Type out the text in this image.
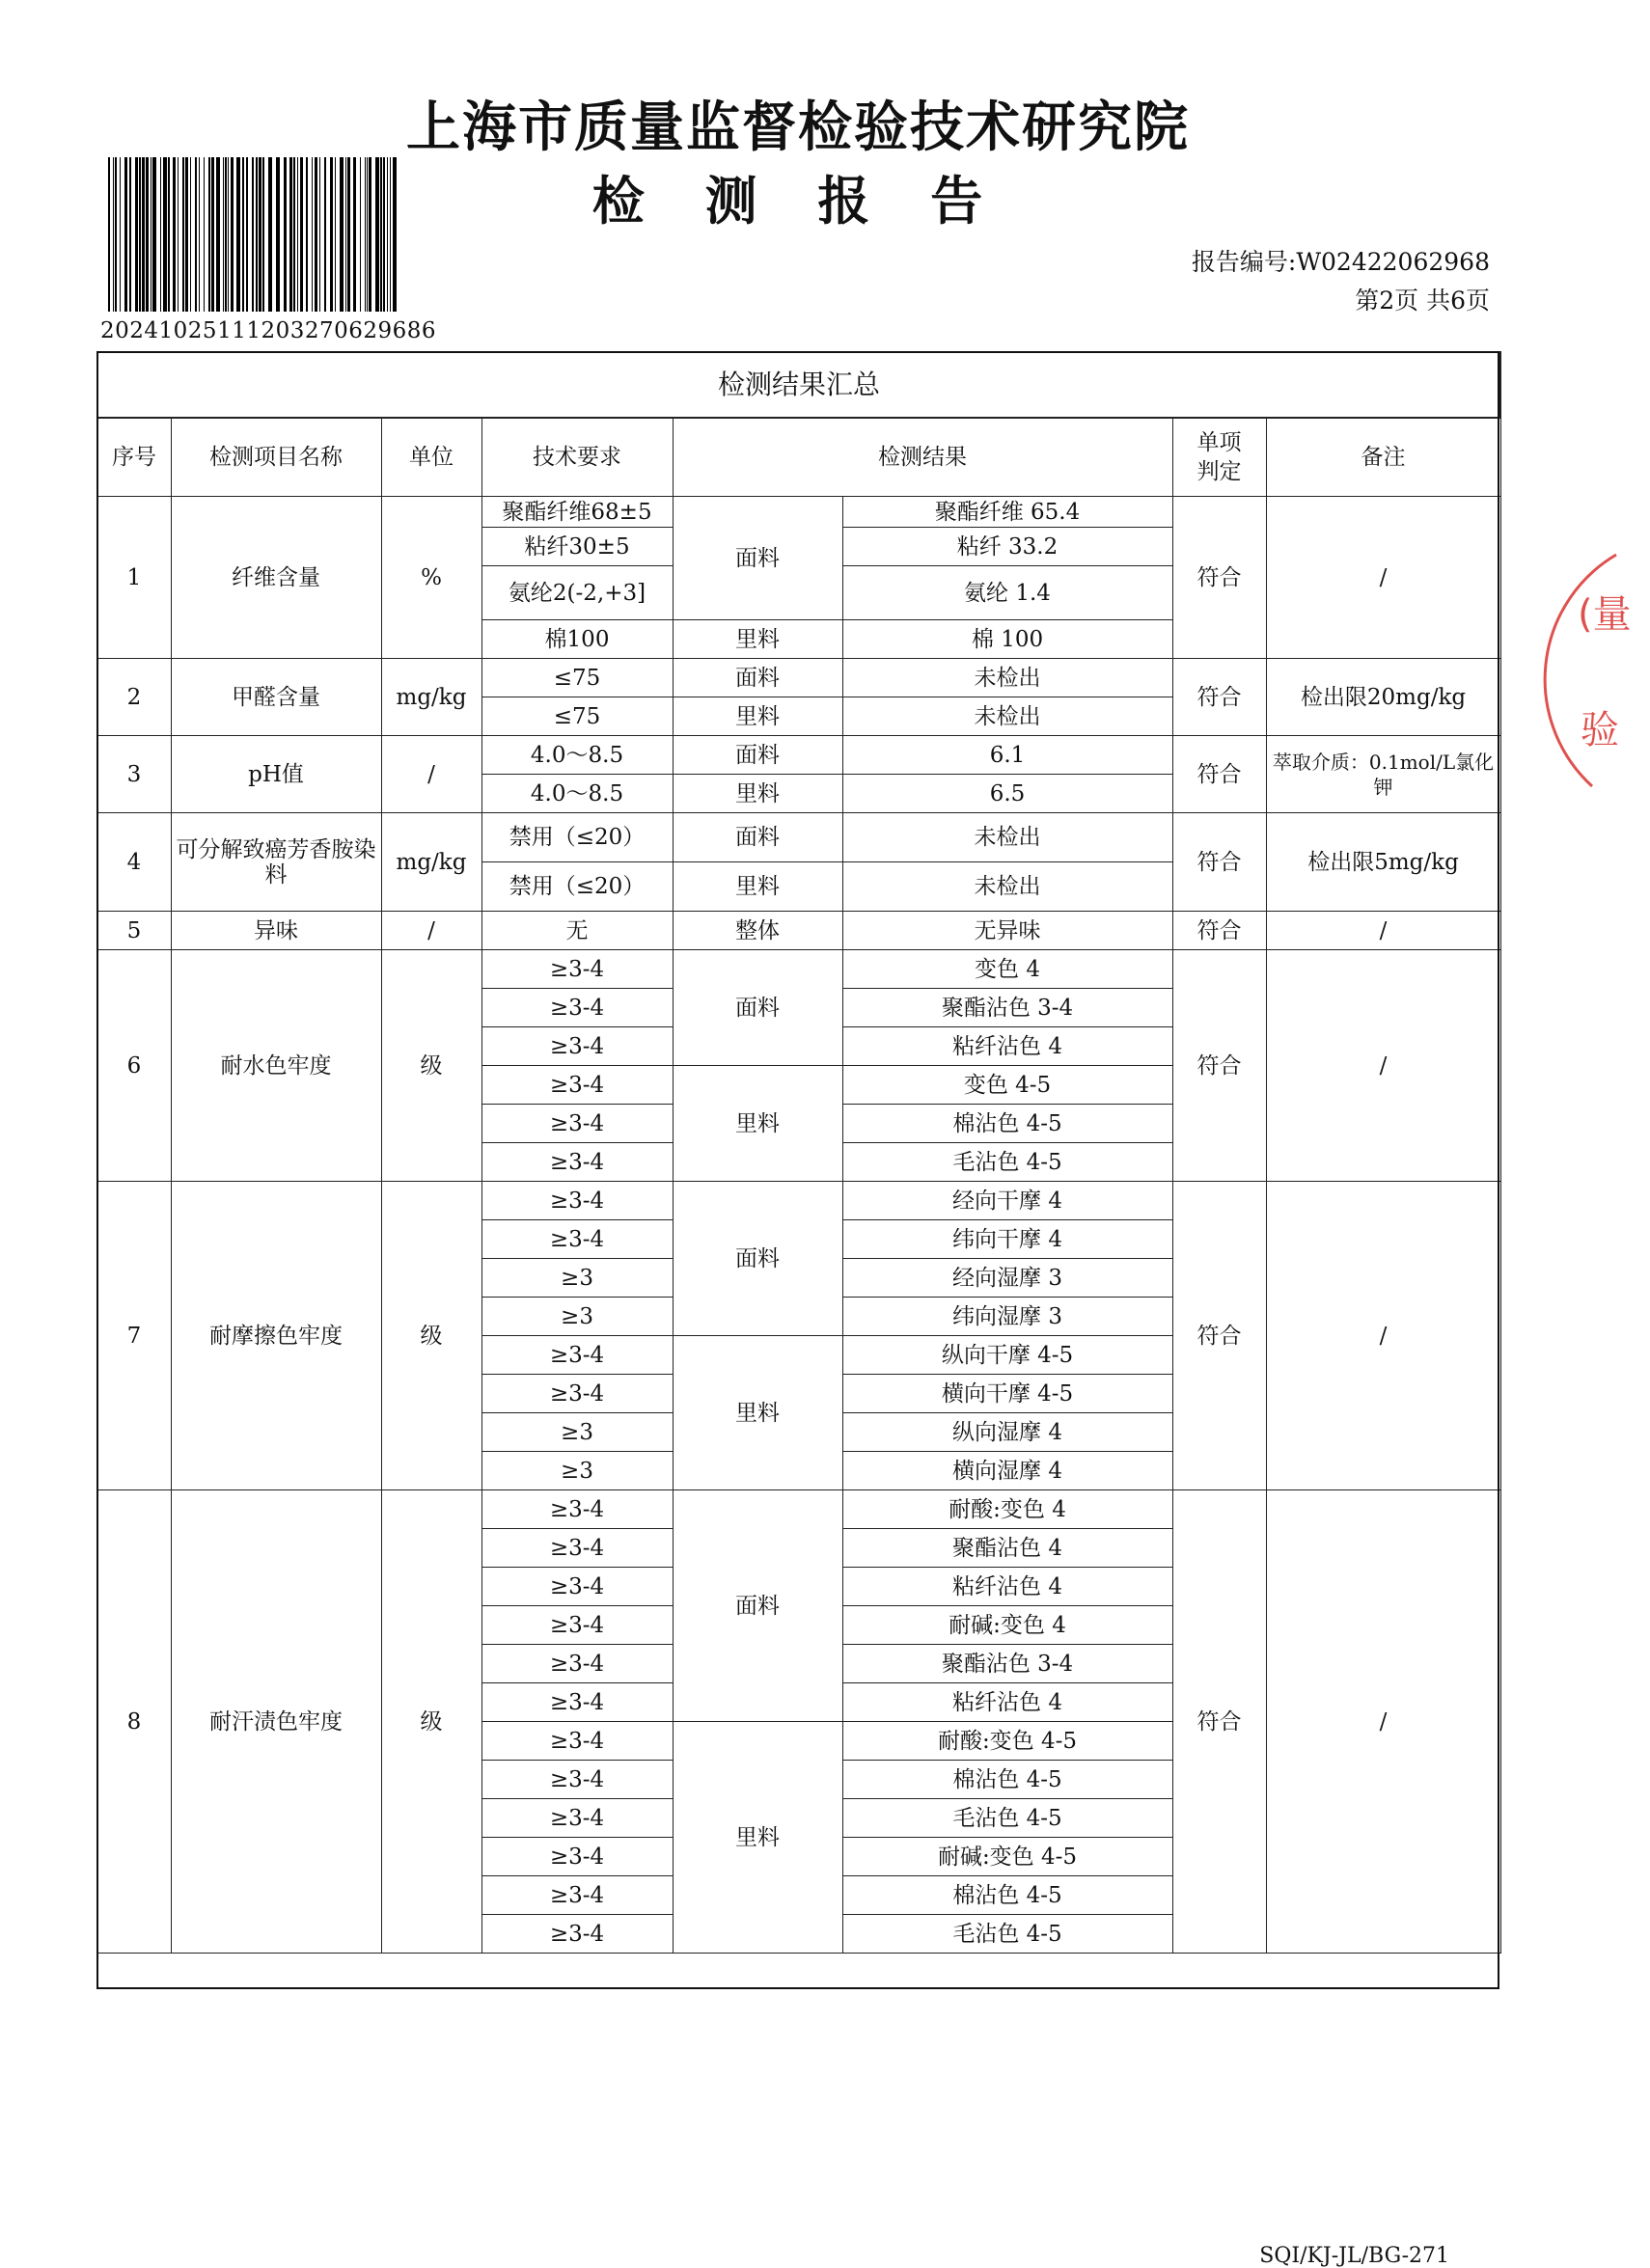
上海市质量监督检验技术研究院
检 测 报 告
20241025111203270629686
报告编号:W02422062968
第2页 共6页
检测结果汇总							
序号	检测项目名称	单位	技术要求	检测结果		单项判定	备注
1	纤维含量	%	聚酯纤维68±5	面料	聚酯纤维 65.4	符合	/
			粘纤30±5		粘纤 33.2		
			氨纶2(-2,+3]		氨纶 1.4		
			棉100	里料	棉 100		
2	甲醛含量	mg/kg	≤75	面料	未检出	符合	检出限20mg/kg
			≤75	里料	未检出		
3	pH值	/	4.0～8.5	面料	6.1	符合	萃取介质：0.1mol/L氯化钾
			4.0～8.5	里料	6.5		
4	可分解致癌芳香胺染料	mg/kg	禁用（≤20）	面料	未检出	符合	检出限5mg/kg
			禁用（≤20）	里料	未检出		
5	异味	/	无	整体	无异味	符合	/
6	耐水色牢度	级	≥3-4	面料	变色 4	符合	/
			≥3-4		聚酯沾色 3-4		
			≥3-4		粘纤沾色 4		
			≥3-4	里料	变色 4-5		
			≥3-4		棉沾色 4-5		
			≥3-4		毛沾色 4-5		
7	耐摩擦色牢度	级	≥3-4	面料	经向干摩 4	符合	/
			≥3-4		纬向干摩 4		
			≥3		经向湿摩 3		
			≥3		纬向湿摩 3		
			≥3-4	里料	纵向干摩 4-5		
			≥3-4		横向干摩 4-5		
			≥3		纵向湿摩 4		
			≥3		横向湿摩 4		
8	耐汗渍色牢度	级	≥3-4	面料	耐酸:变色 4	符合	/
			≥3-4		聚酯沾色 4		
			≥3-4		粘纤沾色 4		
			≥3-4		耐碱:变色 4		
			≥3-4		聚酯沾色 3-4		
			≥3-4		粘纤沾色 4		
			≥3-4	里料	耐酸:变色 4-5		
			≥3-4		棉沾色 4-5		
			≥3-4		毛沾色 4-5		
			≥3-4		耐碱:变色 4-5		
			≥3-4		棉沾色 4-5		
			≥3-4		毛沾色 4-5		
(量
验
SQI/KJ-JL/BG-271
